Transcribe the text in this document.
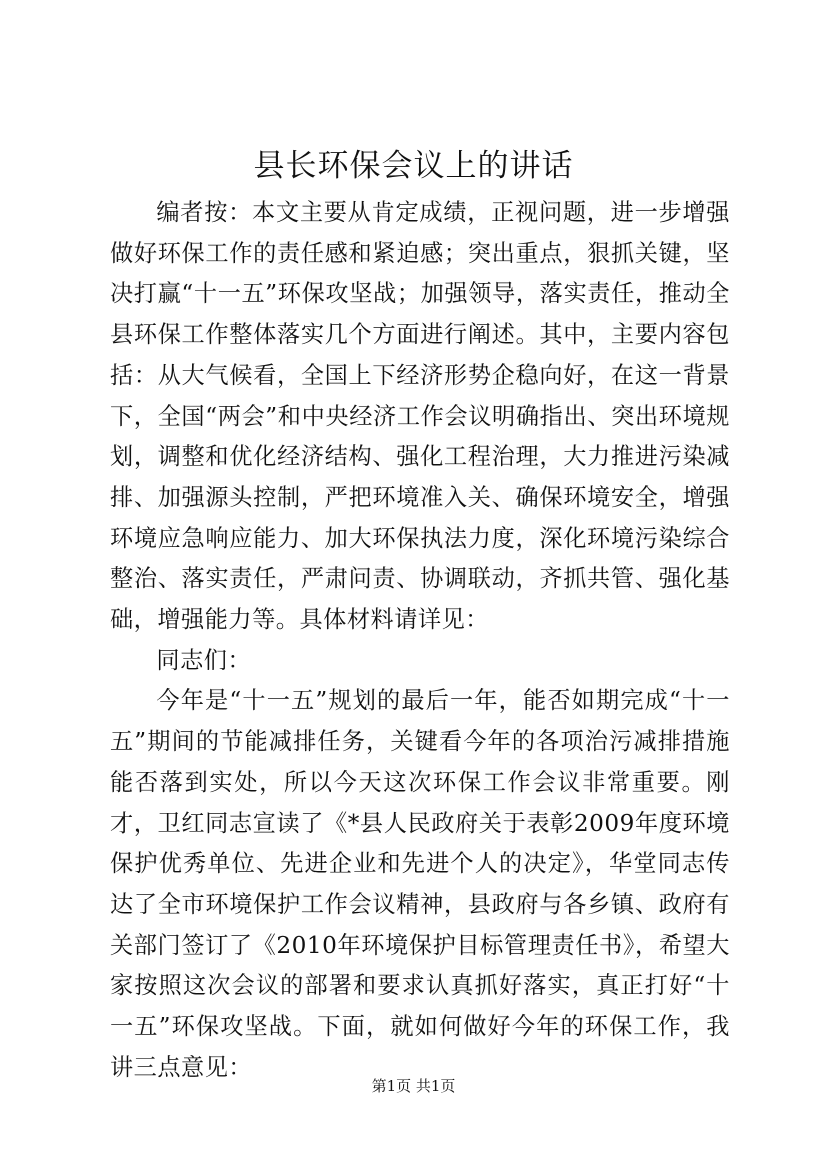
县长环保会议上的讲话

编者按：本文主要从肯定成绩，正视问题，进一步增强做好环保工作的责任感和紧迫感；突出重点，狠抓关键，坚决打赢“十一五”环保攻坚战；加强领导，落实责任，推动全县环保工作整体落实几个方面进行阐述。其中，主要内容包括：从大气候看，全国上下经济形势企稳向好，在这一背景下，全国“两会”和中央经济工作会议明确指出、突出环境规划，调整和优化经济结构、强化工程治理，大力推进污染减排、加强源头控制，严把环境准入关、确保环境安全，增强环境应急响应能力、加大环保执法力度，深化环境污染综合整治、落实责任，严肃问责、协调联动，齐抓共管、强化基础，增强能力等。具体材料请详见：

同志们：

今年是“十一五”规划的最后一年，能否如期完成“十一五”期间的节能减排任务，关键看今年的各项治污减排措施能否落到实处，所以今天这次环保工作会议非常重要。刚才，卫红同志宣读了《*县人民政府关于表彰2009年度环境保护优秀单位、先进企业和先进个人的决定》，华堂同志传达了全市环境保护工作会议精神，县政府与各乡镇、政府有关部门签订了《2010年环境保护目标管理责任书》，希望大家按照这次会议的部署和要求认真抓好落实，真正打好“十一五”环保攻坚战。下面，就如何做好今年的环保工作，我讲三点意见：

第1页 共1页
